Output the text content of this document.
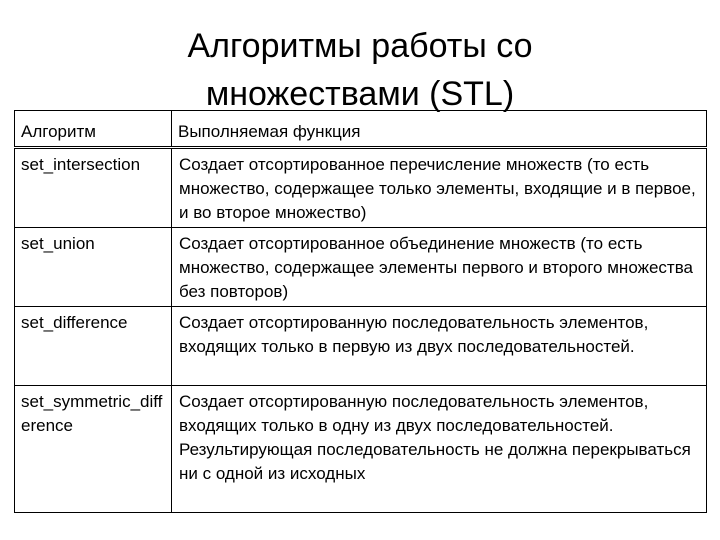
Алгоритмы работы со
множествами (STL)
Алгоритм	Выполняемая функция
set_intersection	Создает отсортированное перечисление множеств (то есть множество, содержащее только элементы, входящие и в первое, и во второе множество)
set_union	Создает отсортированное объединение множеств (то есть множество, содержащее элементы первого и второго множества без повторов)
set_difference	Создает отсортированную последовательность элементов, входящих только в первую из двух последовательностей.
set_symmetric_difference	Создает отсортированную последовательность элементов, входящих только в одну из двух последовательностей. Результирующая последовательность не должна перекрываться ни с одной из исходных
